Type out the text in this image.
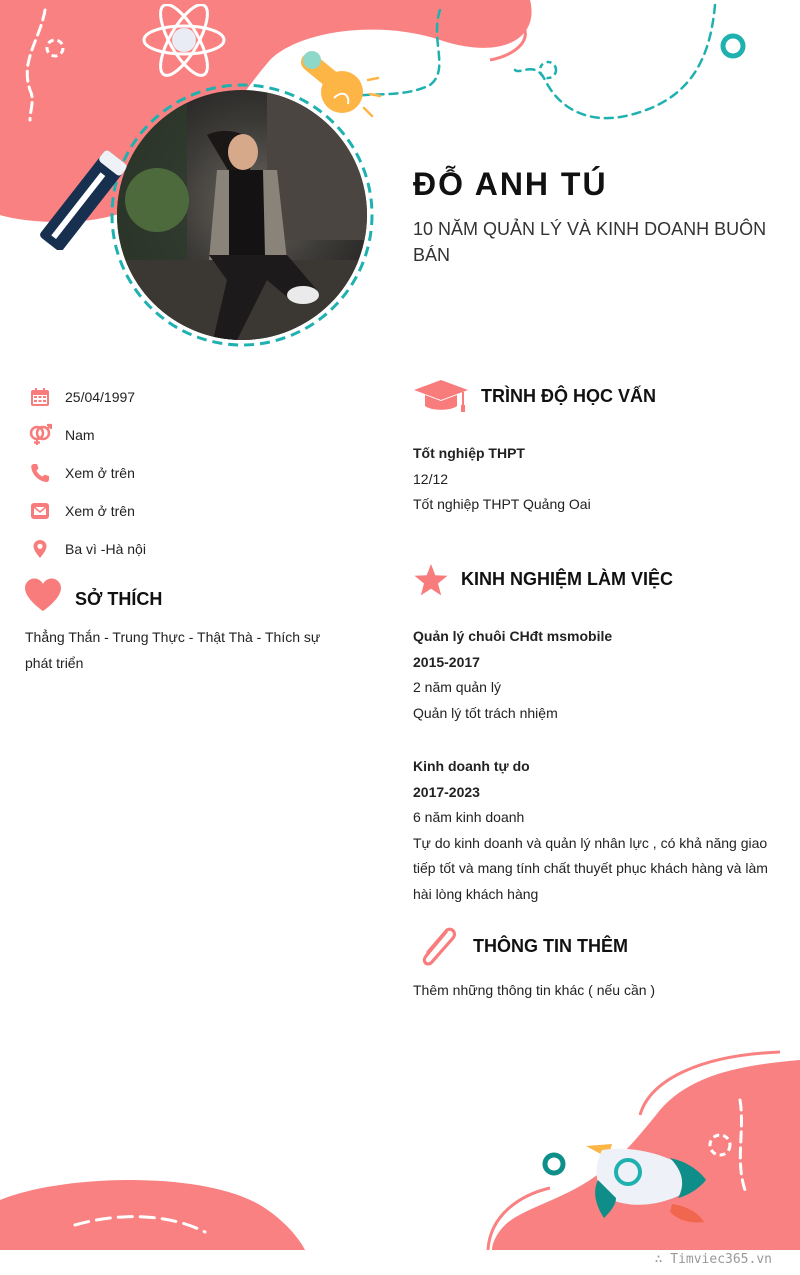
ĐỖ ANH TÚ
10 NĂM QUẢN LÝ VÀ KINH DOANH BUÔN BÁN
25/04/1997
Nam
Xem ở trên
Xem ở trên
Ba vì -Hà nội
SỞ THÍCH
Thẳng Thắn - Trung Thực - Thật Thà - Thích sự phát triển
TRÌNH ĐỘ HỌC VẤN
Tốt nghiệp THPT
12/12
Tốt nghiệp THPT Quảng Oai
KINH NGHIỆM LÀM VIỆC
Quản lý chuôi CHđt msmobile
2015-2017
2 năm quản lý
Quản lý tốt trách nhiệm
Kinh doanh tự do
2017-2023
6 năm kinh doanh
Tự do kinh doanh và quản lý nhân lực , có khả năng giao tiếp tốt và mang tính chất thuyết phục khách hàng và làm hài lòng khách hàng
THÔNG TIN THÊM
Thêm những thông tin khác ( nếu cần )
∴ Timviec365.vn
